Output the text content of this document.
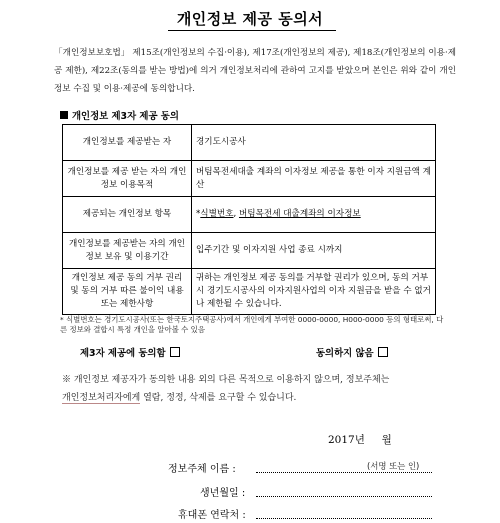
개인정보 제공 동의서
「개인정보보호법」 제15조(개인정보의 수집·이용), 제17조(개인정보의 제공), 제18조(개인정보의 이용·제공 제한), 제22조(동의를 받는 방법)에 의거 개인정보처리에 관하여 고지를 받았으며 본인은 위와 같이 개인정보 수집 및 이용·제공에 동의합니다.
개인정보 제3자 제공 동의
개인정보를 제공받는 자	경기도시공사
개인정보를 제공 받는 자의 개인정보 이용목적	버팀목전세대출 계좌의 이자정보 제공을 통한 이자 지원금액 계산
제공되는 개인정보 항목	*식별번호, 버팀목전세 대출계좌의 이자정보
개인정보를 제공받는 자의 개인정보 보유 및 이용기간	입주기간 및 이자지원 사업 종료 시까지
개인정보 제공 동의 거부 권리 및 동의 거부 따른 불이익 내용 또는 제한사항	귀하는 개인정보 제공 동의를 거부할 권리가 있으며, 동의 거부 시 경기도시공사의 이자지원사업의 이자 지원금을 받을 수 없거나 제한될 수 있습니다.
* 식별번호는 경기도시공사(또는 한국토지주택공사)에서 개인에게 부여한 0000-0000, H000-0000 등의 형태로써, 다른 정보와 결합시 특정 개인을 알아볼 수 있음
제3자 제공에 동의함	동의하지 않음
※ 개인정보 제공자가 동의한 내용 외의 다른 목적으로 이용하지 않으며, 정보주체는
개인정보처리자에게 열람, 정정, 삭제를 요구할 수 있습니다.
2017년 월
정보주체 이름 :	(서명 또는 인)
생년월일 :
휴대폰 연락처 :
